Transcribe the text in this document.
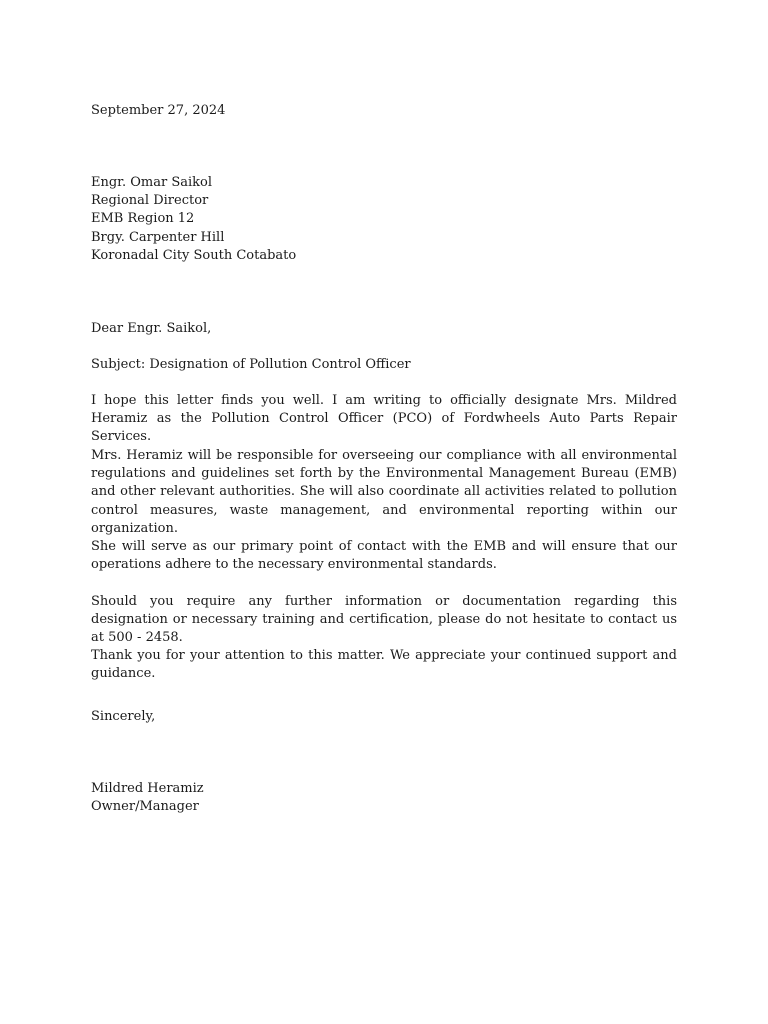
September 27, 2024
Engr. Omar Saikol
Regional Director
EMB Region 12
Brgy. Carpenter Hill
Koronadal City South Cotabato
Dear Engr. Saikol,
Subject: Designation of Pollution Control Officer
I hope this letter finds you well. I am writing to officially designate Mrs. Mildred Heramiz as the Pollution Control Officer (PCO) of Fordwheels Auto Parts Repair Services.
Mrs. Heramiz will be responsible for overseeing our compliance with all environmental regulations and guidelines set forth by the Environmental Management Bureau (EMB) and other relevant authorities. She will also coordinate all activities related to pollution control measures, waste management, and environmental reporting within our organization.
She will serve as our primary point of contact with the EMB and will ensure that our operations adhere to the necessary environmental standards.
Should you require any further information or documentation regarding this designation or necessary training and certification, please do not hesitate to contact us at 500 - 2458.
Thank you for your attention to this matter. We appreciate your continued support and guidance.
Sincerely,
Mildred Heramiz
Owner/Manager
